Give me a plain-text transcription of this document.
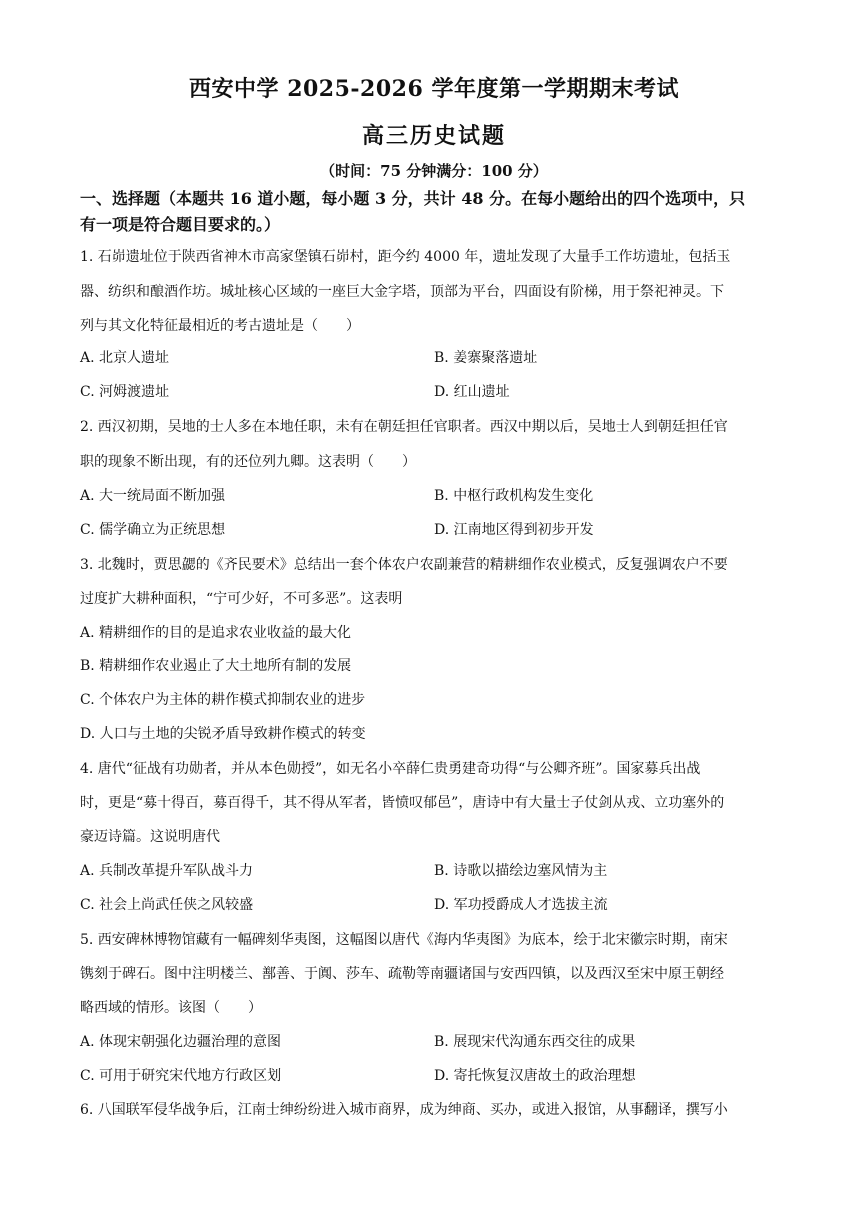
西安中学 2025-2026 学年度第一学期期末考试
高三历史试题
（时间：75 分钟满分：100 分）
一、选择题（本题共 16 道小题，每小题 3 分，共计 48 分。在每小题给出的四个选项中，只
有一项是符合题目要求的。）
1. 石峁遗址位于陕西省神木市高家堡镇石峁村，距今约 4000 年，遗址发现了大量手工作坊遗址，包括玉
器、纺织和酿酒作坊。城址核心区域的一座巨大金字塔，顶部为平台，四面设有阶梯，用于祭祀神灵。下
列与其文化特征最相近的考古遗址是（　　）
A. 北京人遗址	B. 姜寨聚落遗址
C. 河姆渡遗址	D. 红山遗址
2. 西汉初期，吴地的士人多在本地任职，未有在朝廷担任官职者。西汉中期以后，吴地士人到朝廷担任官
职的现象不断出现，有的还位列九卿。这表明（　　）
A. 大一统局面不断加强	B. 中枢行政机构发生变化
C. 儒学确立为正统思想	D. 江南地区得到初步开发
3. 北魏时，贾思勰的《齐民要术》总结出一套个体农户农副兼营的精耕细作农业模式，反复强调农户不要
过度扩大耕种面积，“宁可少好，不可多恶”。这表明
A. 精耕细作的目的是追求农业收益的最大化
B. 精耕细作农业遏止了大土地所有制的发展
C. 个体农户为主体的耕作模式抑制农业的进步
D. 人口与土地的尖锐矛盾导致耕作模式的转变
4. 唐代“征战有功勋者，并从本色勋授”，如无名小卒薛仁贵勇建奇功得“与公卿齐班”。国家募兵出战
时，更是“募十得百，募百得千，其不得从军者，皆愤叹郁邑”，唐诗中有大量士子仗剑从戎、立功塞外的
豪迈诗篇。这说明唐代
A. 兵制改革提升军队战斗力	B. 诗歌以描绘边塞风情为主
C. 社会上尚武任侠之风较盛	D. 军功授爵成人才选拔主流
5. 西安碑林博物馆藏有一幅碑刻华夷图，这幅图以唐代《海内华夷图》为底本，绘于北宋徽宗时期，南宋
镌刻于碑石。图中注明楼兰、鄯善、于阗、莎车、疏勒等南疆诸国与安西四镇，以及西汉至宋中原王朝经
略西域的情形。该图（　　）
A. 体现宋朝强化边疆治理的意图	B. 展现宋代沟通东西交往的成果
C. 可用于研究宋代地方行政区划	D. 寄托恢复汉唐故土的政治理想
6. 八国联军侵华战争后，江南士绅纷纷进入城市商界，成为绅商、买办，或进入报馆，从事翻译，撰写小
